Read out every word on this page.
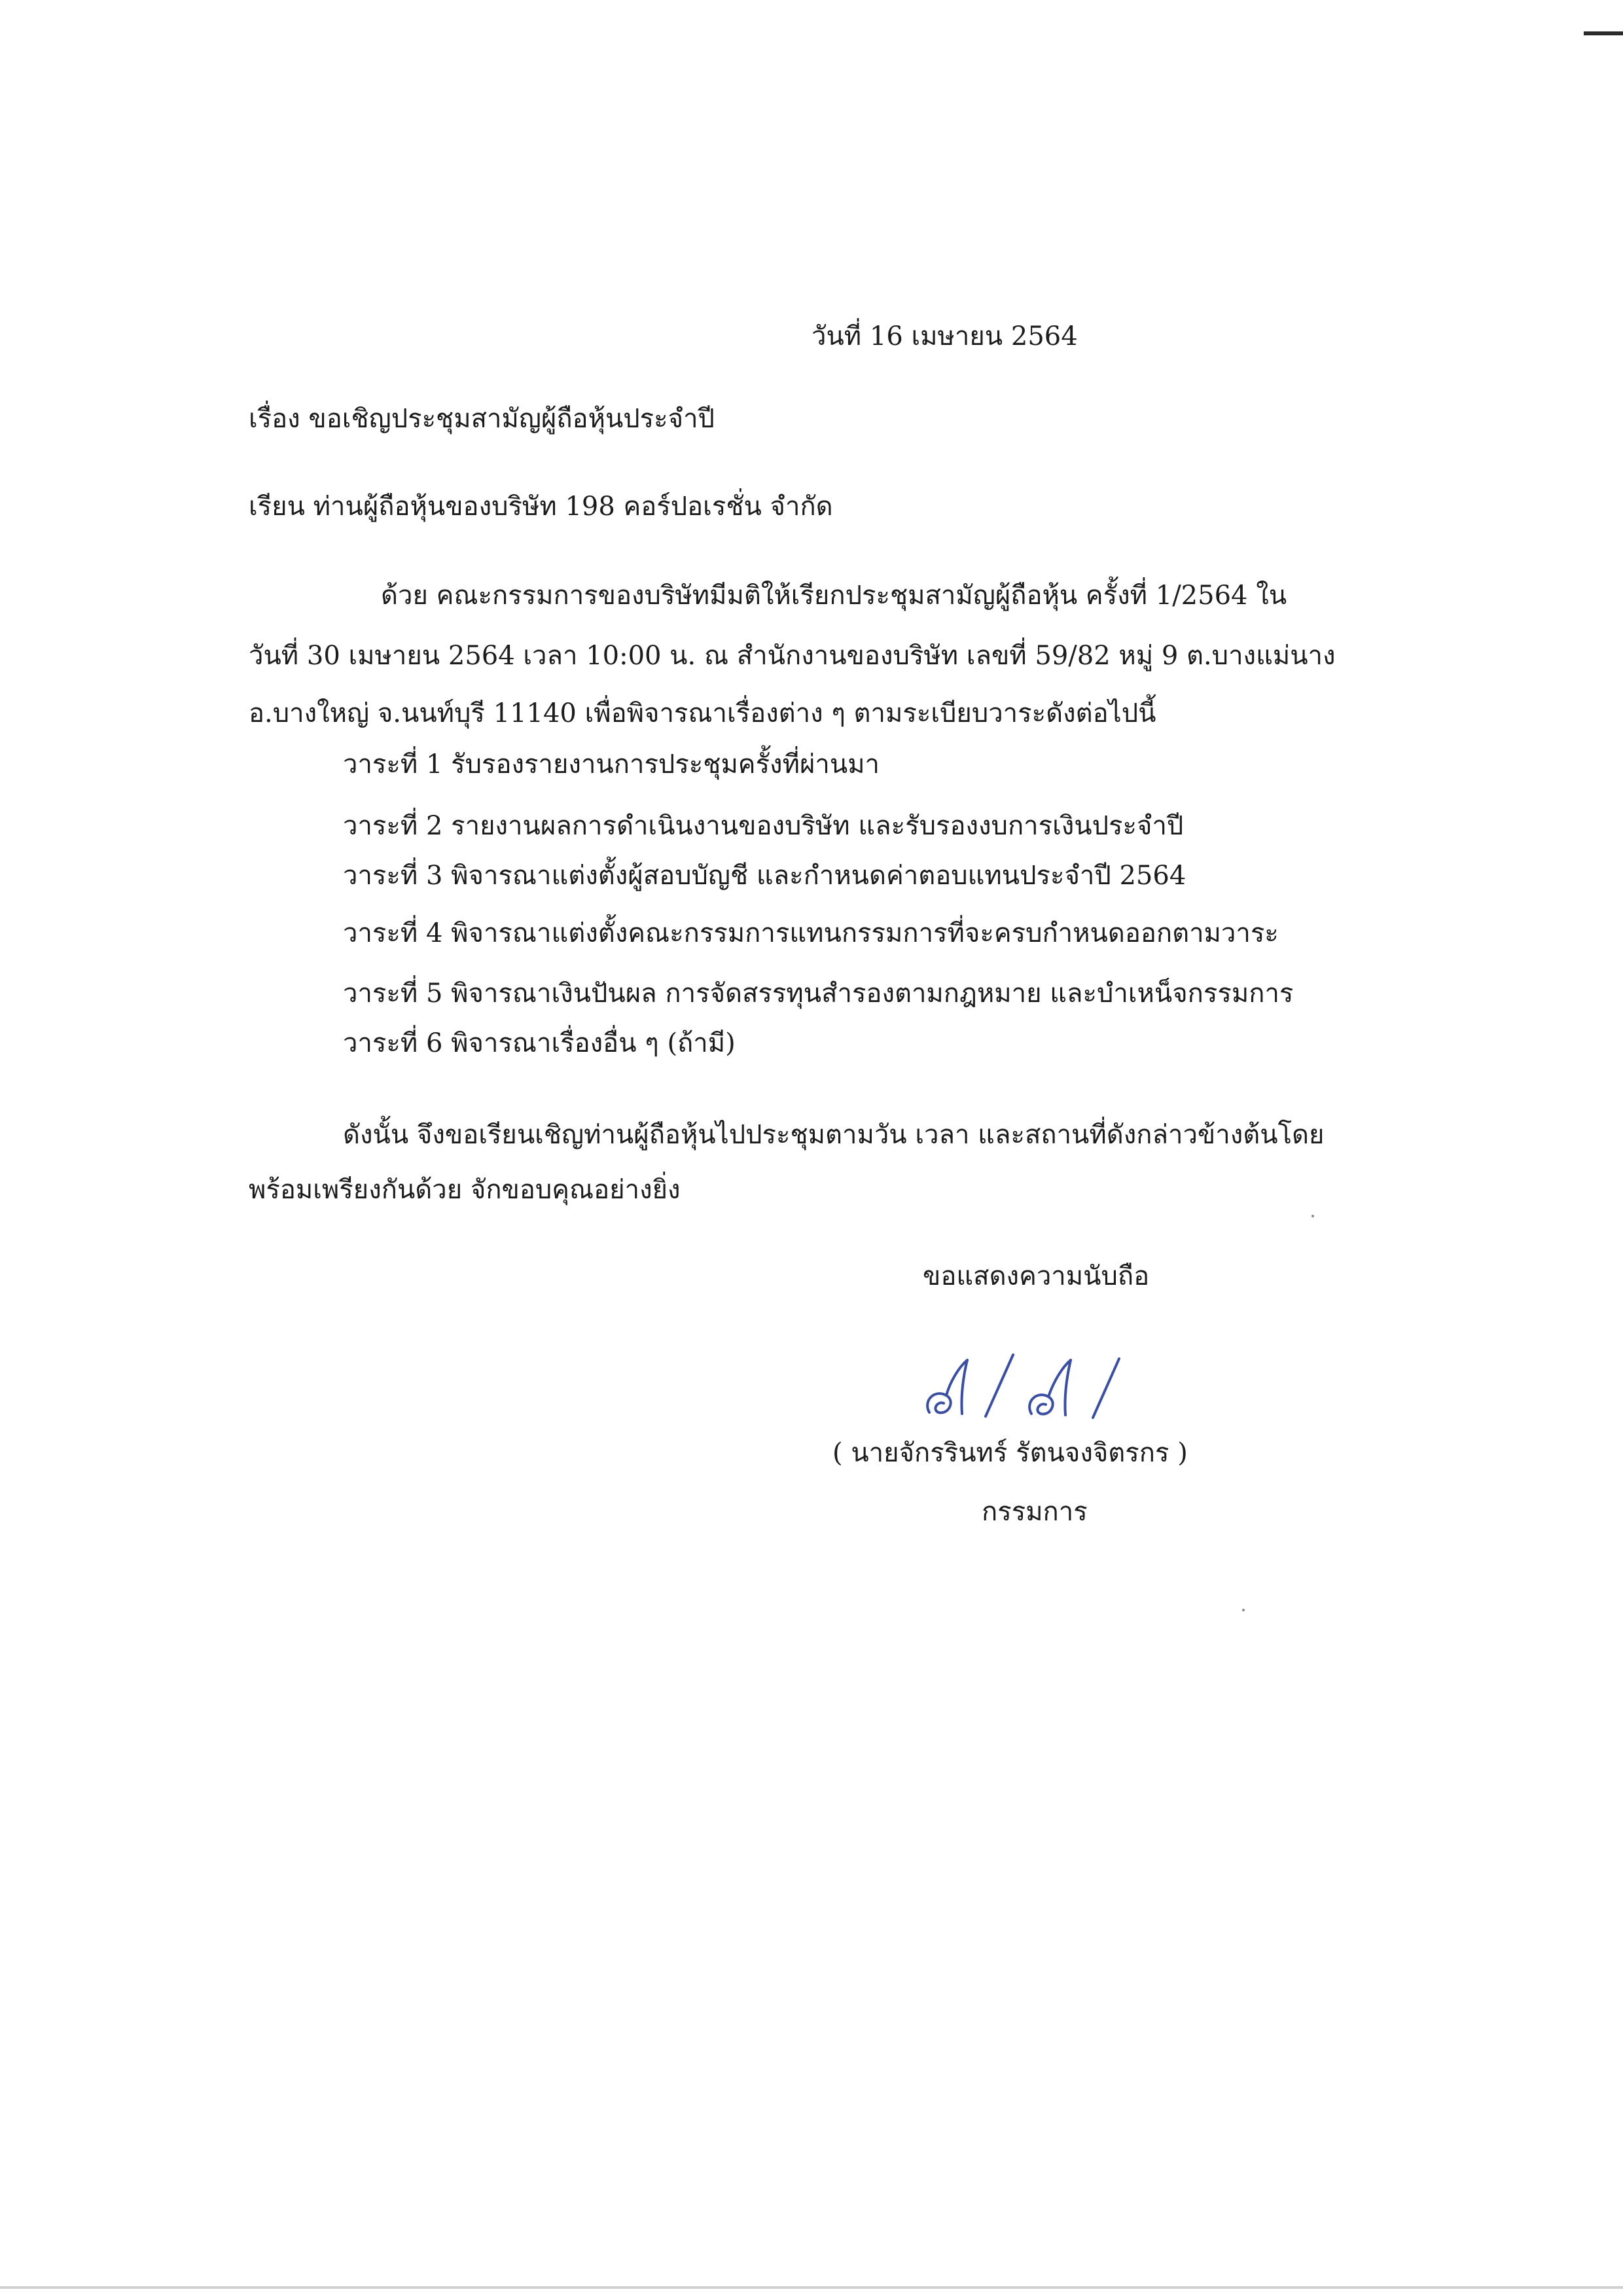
วันที่ 16 เมษายน 2564
เรื่อง ขอเชิญประชุมสามัญผู้ถือหุ้นประจำปี
เรียน ท่านผู้ถือหุ้นของบริษัท 198 คอร์ปอเรชั่น จำกัด
ด้วย คณะกรรมการของบริษัทมีมติให้เรียกประชุมสามัญผู้ถือหุ้น ครั้งที่ 1/2564 ใน
วันที่ 30 เมษายน 2564 เวลา 10:00 น. ณ สำนักงานของบริษัท เลขที่ 59/82 หมู่ 9 ต.บางแม่นาง
อ.บางใหญ่ จ.นนท์บุรี 11140 เพื่อพิจารณาเรื่องต่าง ๆ ตามระเบียบวาระดังต่อไปนี้
วาระที่ 1 รับรองรายงานการประชุมครั้งที่ผ่านมา
วาระที่ 2 รายงานผลการดำเนินงานของบริษัท และรับรองงบการเงินประจำปี
วาระที่ 3 พิจารณาแต่งตั้งผู้สอบบัญชี และกำหนดค่าตอบแทนประจำปี 2564
วาระที่ 4 พิจารณาแต่งตั้งคณะกรรมการแทนกรรมการที่จะครบกำหนดออกตามวาระ
วาระที่ 5 พิจารณาเงินปันผล การจัดสรรทุนสำรองตามกฎหมาย และบำเหน็จกรรมการ
วาระที่ 6 พิจารณาเรื่องอื่น ๆ (ถ้ามี)
ดังนั้น จึงขอเรียนเชิญท่านผู้ถือหุ้นไปประชุมตามวัน เวลา และสถานที่ดังกล่าวข้างต้นโดย
พร้อมเพรียงกันด้วย จักขอบคุณอย่างยิ่ง
ขอแสดงความนับถือ
( นายจักรรินทร์ รัตนจงจิตรกร )
กรรมการ
